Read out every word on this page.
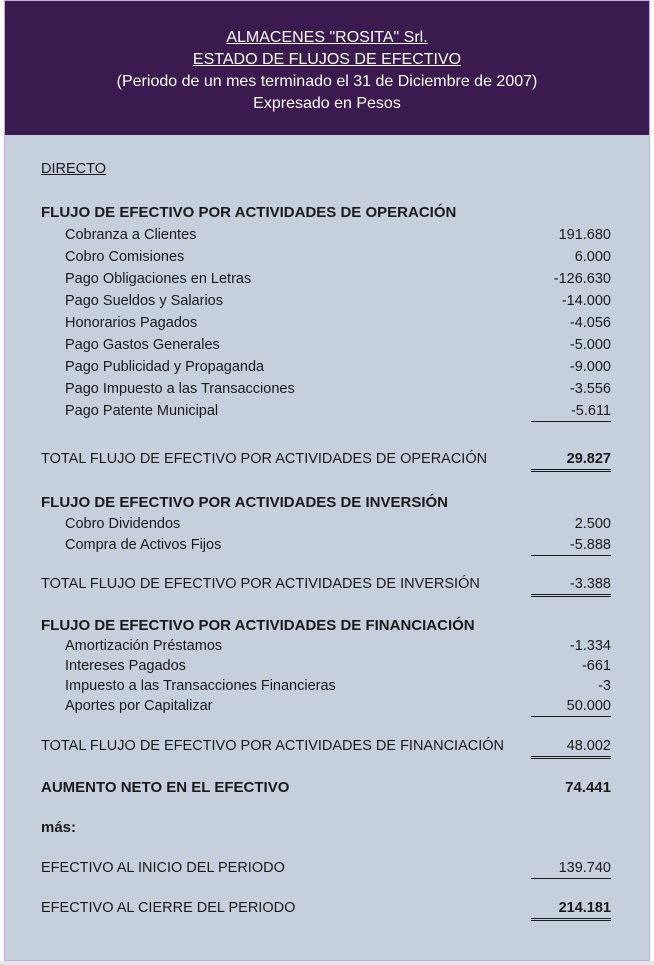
ALMACENES "ROSITA" Srl.
ESTADO DE FLUJOS DE EFECTIVO
(Periodo de un mes terminado el 31 de Diciembre de 2007)
Expresado en Pesos
DIRECTO
FLUJO DE EFECTIVO POR ACTIVIDADES DE OPERACIÓN
Cobranza a Clientes	191.680
Cobro Comisiones	6.000
Pago Obligaciones en Letras	-126.630
Pago Sueldos y Salarios	-14.000
Honorarios Pagados	-4.056
Pago Gastos Generales	-5.000
Pago Publicidad y Propaganda	-9.000
Pago Impuesto a las Transacciones	-3.556
Pago Patente Municipal	-5.611
TOTAL FLUJO DE EFECTIVO POR ACTIVIDADES DE OPERACIÓN	29.827
FLUJO DE EFECTIVO POR ACTIVIDADES DE INVERSIÓN
Cobro Dividendos	2.500
Compra de Activos Fijos	-5.888
TOTAL FLUJO DE EFECTIVO POR ACTIVIDADES DE INVERSIÓN	-3.388
FLUJO DE EFECTIVO POR ACTIVIDADES DE FINANCIACIÓN
Amortización Préstamos	-1.334
Intereses Pagados	-661
Impuesto a las Transacciones Financieras	-3
Aportes por Capitalizar	50.000
TOTAL FLUJO DE EFECTIVO POR ACTIVIDADES DE FINANCIACIÓN	48.002
AUMENTO NETO EN EL EFECTIVO	74.441
más:
EFECTIVO AL INICIO DEL PERIODO	139.740
EFECTIVO AL CIERRE DEL PERIODO	214.181
